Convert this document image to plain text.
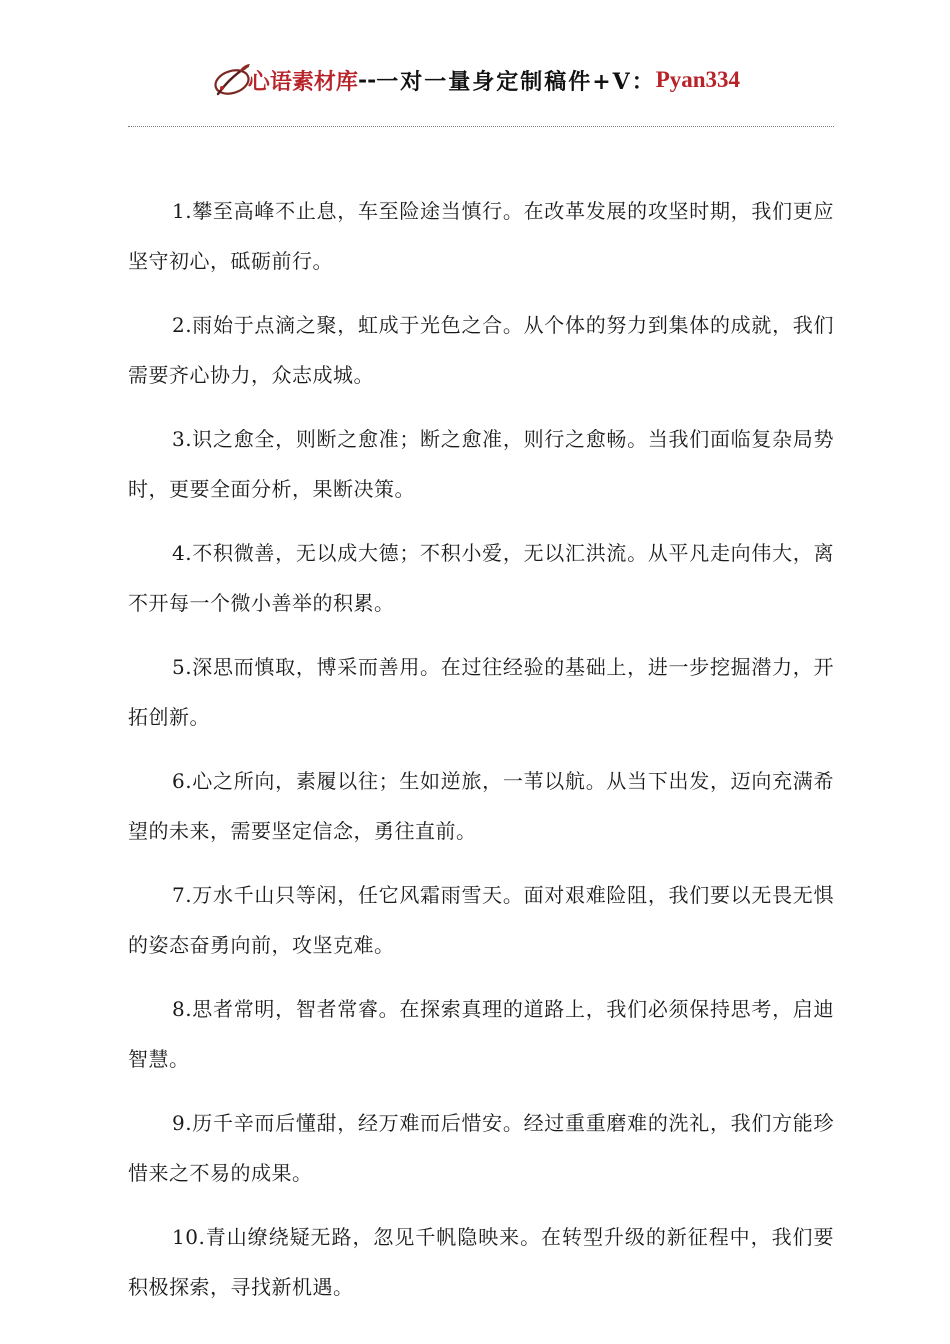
心语素材库 -- 一对一量身定制稿件+V： Pyan334

1.攀至高峰不止息，车至险途当慎行。在改革发展的攻坚时期，我们更应坚守初心，砥砺前行。

2.雨始于点滴之聚，虹成于光色之合。从个体的努力到集体的成就，我们需要齐心协力，众志成城。

3.识之愈全，则断之愈准；断之愈准，则行之愈畅。当我们面临复杂局势时，更要全面分析，果断决策。

4.不积微善，无以成大德；不积小爱，无以汇洪流。从平凡走向伟大，离不开每一个微小善举的积累。

5.深思而慎取，博采而善用。在过往经验的基础上，进一步挖掘潜力，开拓创新。

6.心之所向，素履以往；生如逆旅，一苇以航。从当下出发，迈向充满希望的未来，需要坚定信念，勇往直前。

7.万水千山只等闲，任它风霜雨雪天。面对艰难险阻，我们要以无畏无惧的姿态奋勇向前，攻坚克难。

8.思者常明，智者常睿。在探索真理的道路上，我们必须保持思考，启迪智慧。

9.历千辛而后懂甜，经万难而后惜安。经过重重磨难的洗礼，我们方能珍惜来之不易的成果。

10.青山缭绕疑无路，忽见千帆隐映来。在转型升级的新征程中，我们要积极探索，寻找新机遇。
